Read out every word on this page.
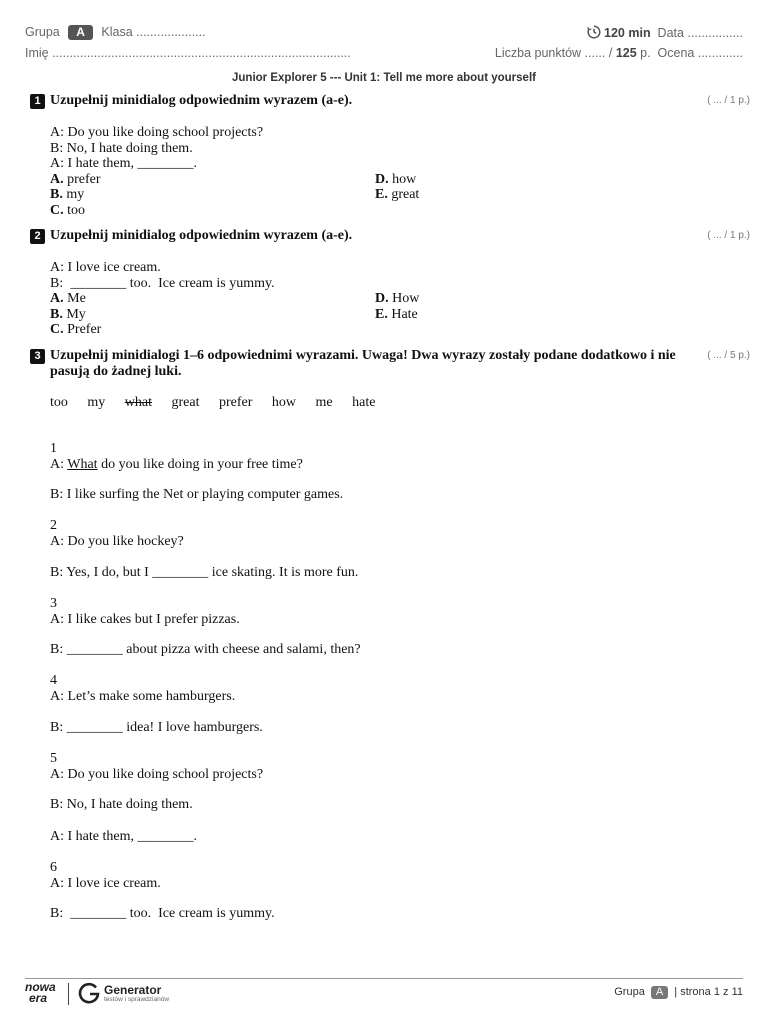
Grupa A Klasa ....................	120 min Data ................
Imię ......................................................................................	Liczba punktów ...... / 125 p. Ocena .............
Junior Explorer 5 --- Unit 1: Tell me more about yourself
1 Uzupełnij minidialog odpowiednim wyrazem (a-e).	( ... / 1 p.)
A: Do you like doing school projects?
B: No, I hate doing them.
A: I hate them, ________.
A. prefer	D. how
B. my	E. great
C. too
2 Uzupełnij minidialog odpowiednim wyrazem (a-e).	( ... / 1 p.)
A: I love ice cream.
B:  ________ too.  Ice cream is yummy.
A. Me	D. How
B. My	E. Hate
C. Prefer
3 Uzupełnij minidialogi 1–6 odpowiednimi wyrazami. Uwaga! Dwa wyrazy zostały podane dodatkowo i nie pasują do żadnej luki.
( ... / 5 p.)
too my what great prefer how me hate
1
A: What do you like doing in your free time?
B: I like surfing the Net or playing computer games.
2
A: Do you like hockey?
B: Yes, I do, but I ________ ice skating. It is more fun.
3
A: I like cakes but I prefer pizzas.
B: ________ about pizza with cheese and salami, then?
4
A: Let’s make some hamburgers.
B: ________ idea! I love hamburgers.
5
A: Do you like doing school projects?
B: No, I hate doing them.
A: I hate them, ________.
6
A: I love ice cream.
B:  ________ too.  Ice cream is yummy.
nowa
era
Generator
testów i sprawdzianów
Grupa A | strona 1 z 11
